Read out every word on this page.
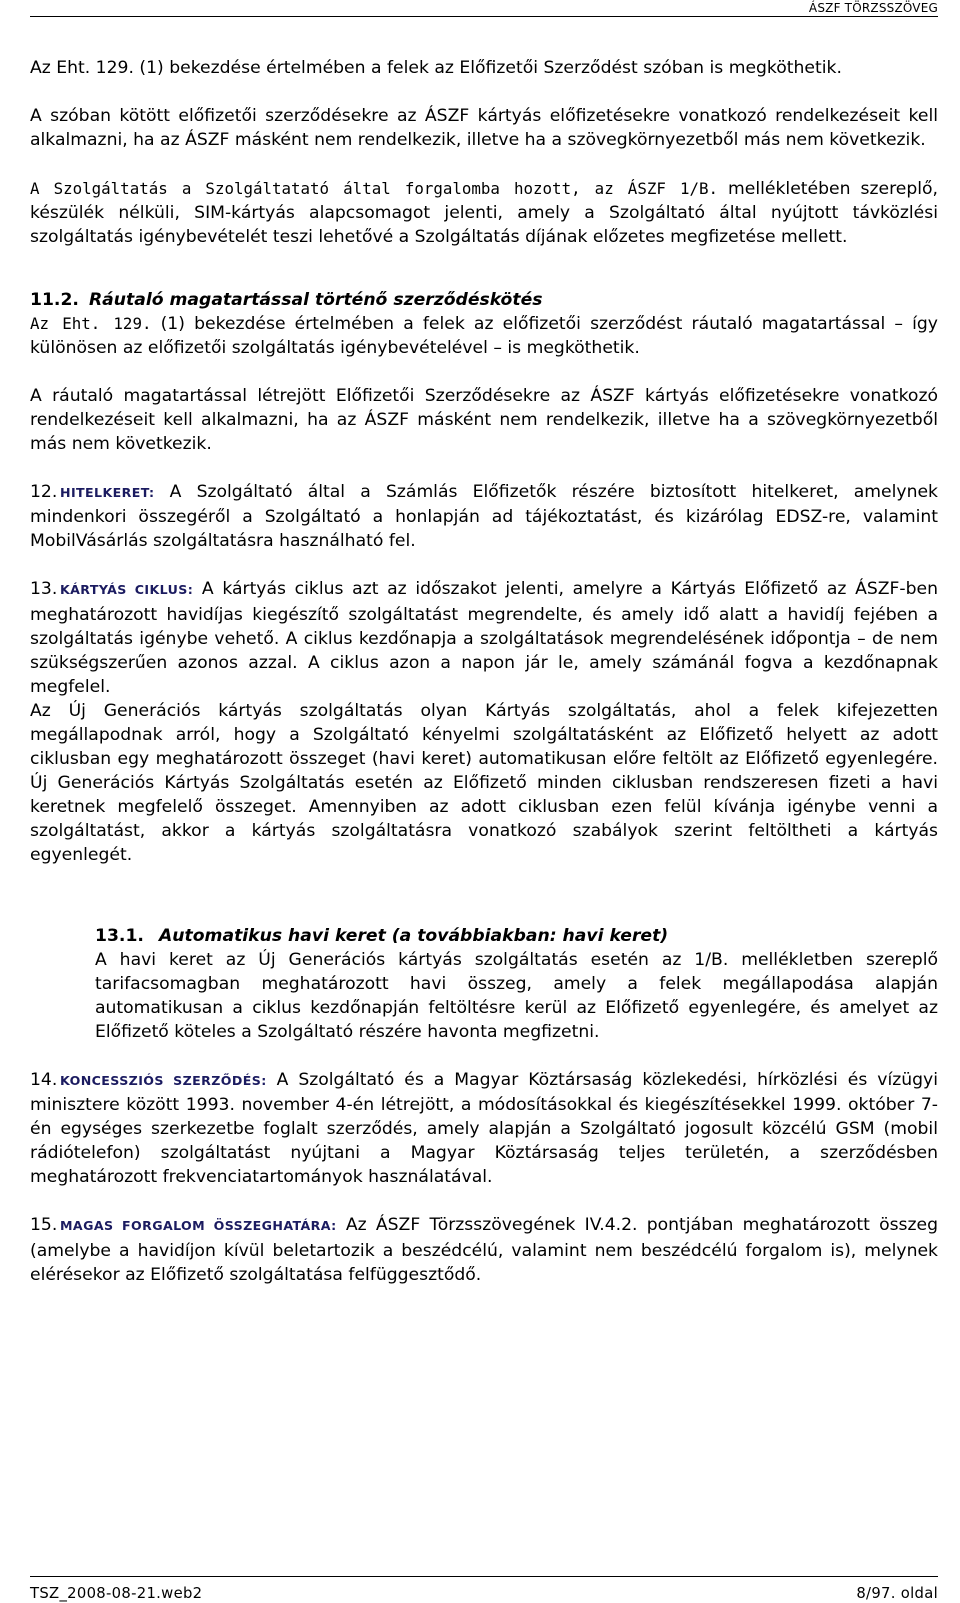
ÁSZF TÖRZSSZÖVEG

Az Eht. 129. (1) bekezdése értelmében a felek az Előfizetői Szerződést szóban is megköthetik.

A szóban kötött előfizetői szerződésekre az ÁSZF kártyás előfizetésekre vonatkozó rendelkezéseit kell alkalmazni, ha az ÁSZF másként nem rendelkezik, illetve ha a szövegkörnyezetből más nem következik.

A Szolgáltatás a Szolgáltatató által forgalomba hozott, az ÁSZF 1/B. mellékletében szereplő, készülék nélküli, SIM-kártyás alapcsomagot jelenti, amely a Szolgáltató által nyújtott távközlési szolgáltatás igénybevételét teszi lehetővé a Szolgáltatás díjának előzetes megfizetése mellett.

11.2. Ráutaló magatartással történő szerződéskötés

Az Eht. 129. (1) bekezdése értelmében a felek az előfizetői szerződést ráutaló magatartással – így különösen az előfizetői szolgáltatás igénybevételével – is megköthetik.

A ráutaló magatartással létrejött Előfizetői Szerződésekre az ÁSZF kártyás előfizetésekre vonatkozó rendelkezéseit kell alkalmazni, ha az ÁSZF másként nem rendelkezik, illetve ha a szövegkörnyezetből más nem következik.

12. HITELKERET: A Szolgáltató által a Számlás Előfizetők részére biztosított hitelkeret, amelynek mindenkori összegéről a Szolgáltató a honlapján ad tájékoztatást, és kizárólag EDSZ-re, valamint MobilVásárlás szolgáltatásra használható fel.

13. KÁRTYÁS CIKLUS: A kártyás ciklus azt az időszakot jelenti, amelyre a Kártyás Előfizető az ÁSZF-ben meghatározott havidíjas kiegészítő szolgáltatást megrendelte, és amely idő alatt a havidíj fejében a szolgáltatás igénybe vehető. A ciklus kezdőnapja a szolgáltatások megrendelésének időpontja – de nem szükségszerűen azonos azzal. A ciklus azon a napon jár le, amely számánál fogva a kezdőnapnak megfelel.

Az Új Generációs kártyás szolgáltatás olyan Kártyás szolgáltatás, ahol a felek kifejezetten megállapodnak arról, hogy a Szolgáltató kényelmi szolgáltatásként az Előfizető helyett az adott ciklusban egy meghatározott összeget (havi keret) automatikusan előre feltölt az Előfizető egyenlegére. Új Generációs Kártyás Szolgáltatás esetén az Előfizető minden ciklusban rendszeresen fizeti a havi keretnek megfelelő összeget. Amennyiben az adott ciklusban ezen felül kívánja igénybe venni a szolgáltatást, akkor a kártyás szolgáltatásra vonatkozó szabályok szerint feltöltheti a kártyás egyenlegét.

13.1. Automatikus havi keret (a továbbiakban: havi keret)

A havi keret az Új Generációs kártyás szolgáltatás esetén az 1/B. mellékletben szereplő tarifacsomagban meghatározott havi összeg, amely a felek megállapodása alapján automatikusan a ciklus kezdőnapján feltöltésre kerül az Előfizető egyenlegére, és amelyet az Előfizető köteles a Szolgáltató részére havonta megfizetni.

14. KONCESSZIÓS SZERZŐDÉS: A Szolgáltató és a Magyar Köztársaság közlekedési, hírközlési és vízügyi minisztere között 1993. november 4-én létrejött, a módosításokkal és kiegészítésekkel 1999. október 7-én egységes szerkezetbe foglalt szerződés, amely alapján a Szolgáltató jogosult közcélú GSM (mobil rádiótelefon) szolgáltatást nyújtani a Magyar Köztársaság teljes területén, a szerződésben meghatározott frekvenciatartományok használatával.

15. MAGAS FORGALOM ÖSSZEGHATÁRA: Az ÁSZF Törzsszövegének IV.4.2. pontjában meghatározott összeg (amelybe a havidíjon kívül beletartozik a beszédcélú, valamint nem beszédcélú forgalom is), melynek elérésekor az Előfizető szolgáltatása felfüggesztődő.

TSZ_2008-08-21.web2	8/97. oldal
